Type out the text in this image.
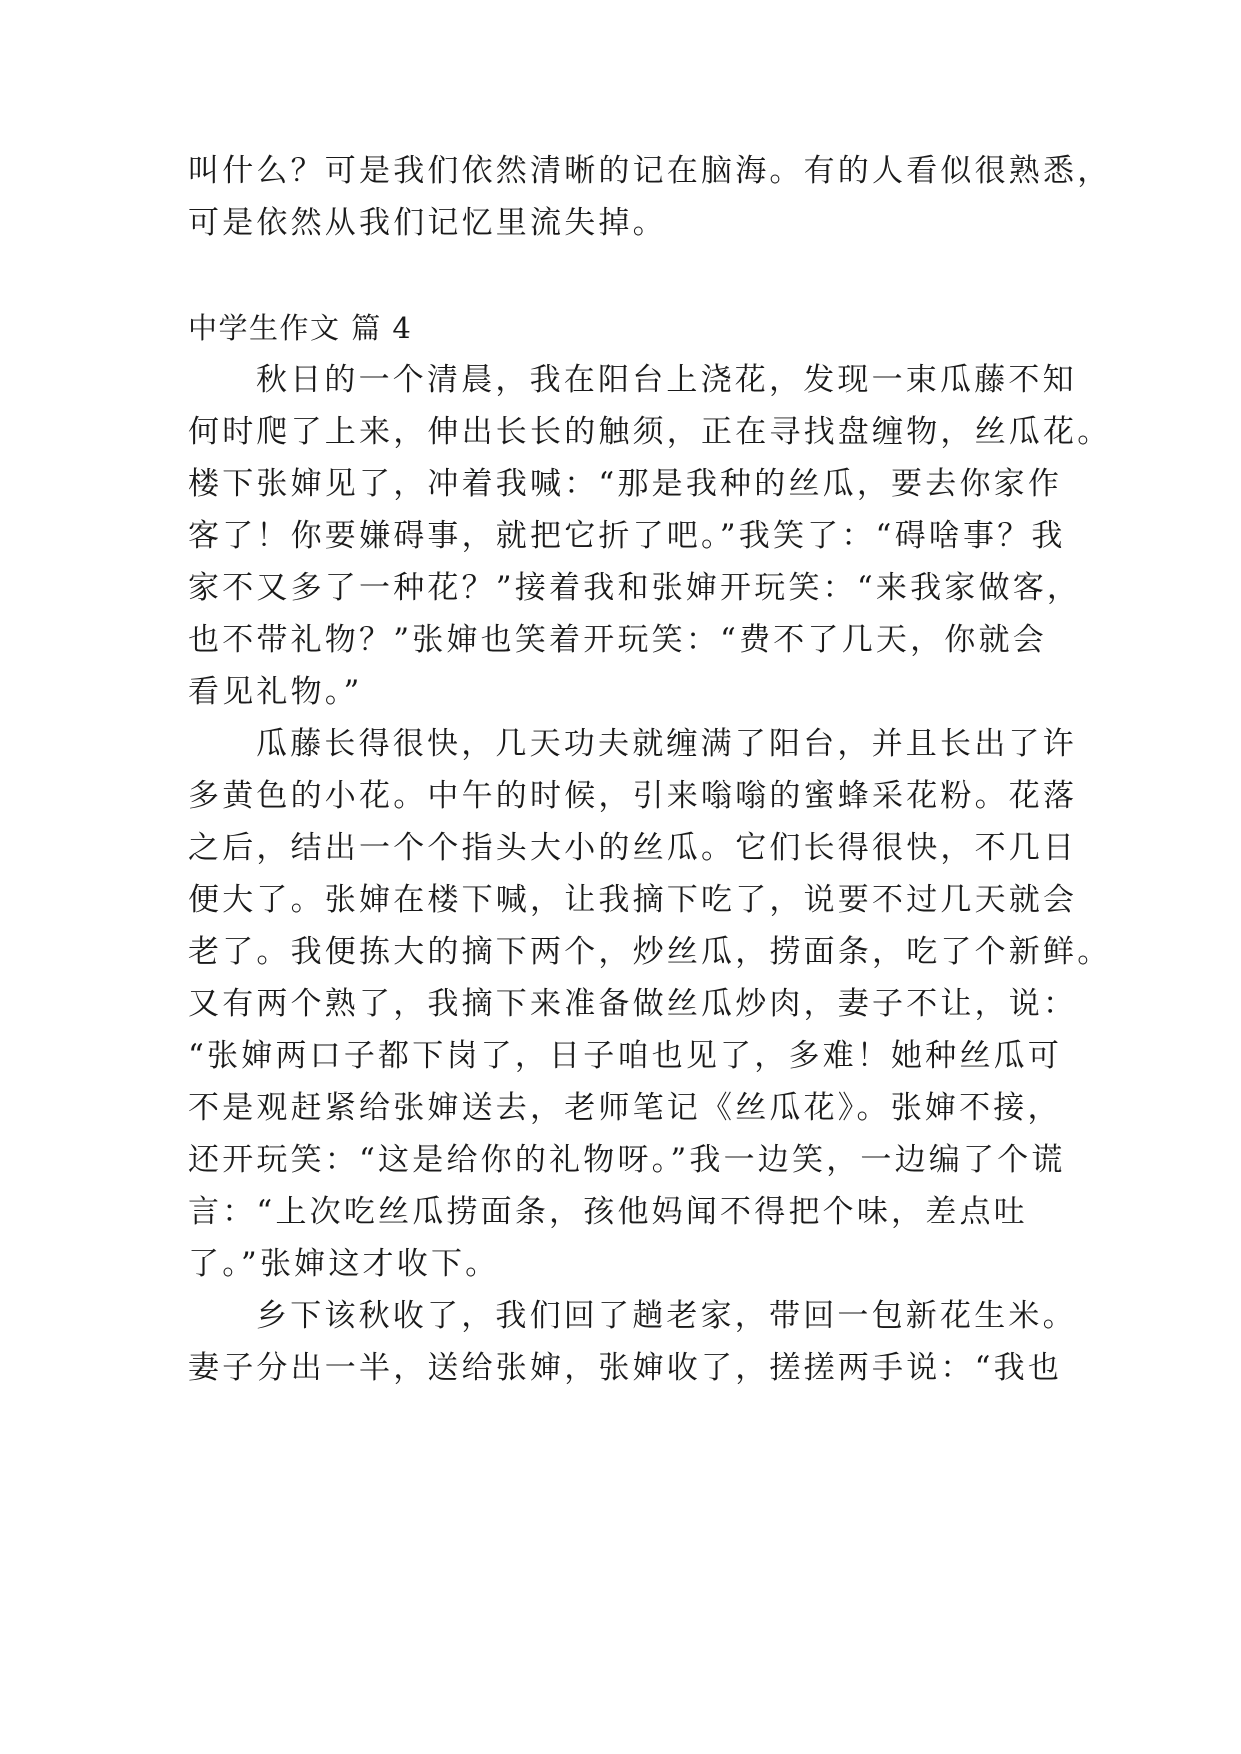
叫什么？可是我们依然清晰的记在脑海。有的人看似很熟悉，
可是依然从我们记忆里流失掉。
中学生作文 篇 4
秋日的一个清晨，我在阳台上浇花，发现一束瓜藤不知
何时爬了上来，伸出长长的触须，正在寻找盘缠物，丝瓜花。
楼下张婶见了，冲着我喊：“那是我种的丝瓜，要去你家作
客了！你要嫌碍事，就把它折了吧。”我笑了：“碍啥事？我
家不又多了一种花？”接着我和张婶开玩笑：“来我家做客，
也不带礼物？”张婶也笑着开玩笑：“费不了几天，你就会
看见礼物。”
瓜藤长得很快，几天功夫就缠满了阳台，并且长出了许
多黄色的小花。中午的时候，引来嗡嗡的蜜蜂采花粉。花落
之后，结出一个个指头大小的丝瓜。它们长得很快，不几日
便大了。张婶在楼下喊，让我摘下吃了，说要不过几天就会
老了。我便拣大的摘下两个，炒丝瓜，捞面条，吃了个新鲜。
又有两个熟了，我摘下来准备做丝瓜炒肉，妻子不让，说：
“张婶两口子都下岗了，日子咱也见了，多难！她种丝瓜可
不是观赶紧给张婶送去，老师笔记《丝瓜花》。张婶不接，
还开玩笑：“这是给你的礼物呀。”我一边笑，一边编了个谎
言：“上次吃丝瓜捞面条，孩他妈闻不得把个味，差点吐
了。”张婶这才收下。
乡下该秋收了，我们回了趟老家，带回一包新花生米。
妻子分出一半，送给张婶，张婶收了，搓搓两手说：“我也
